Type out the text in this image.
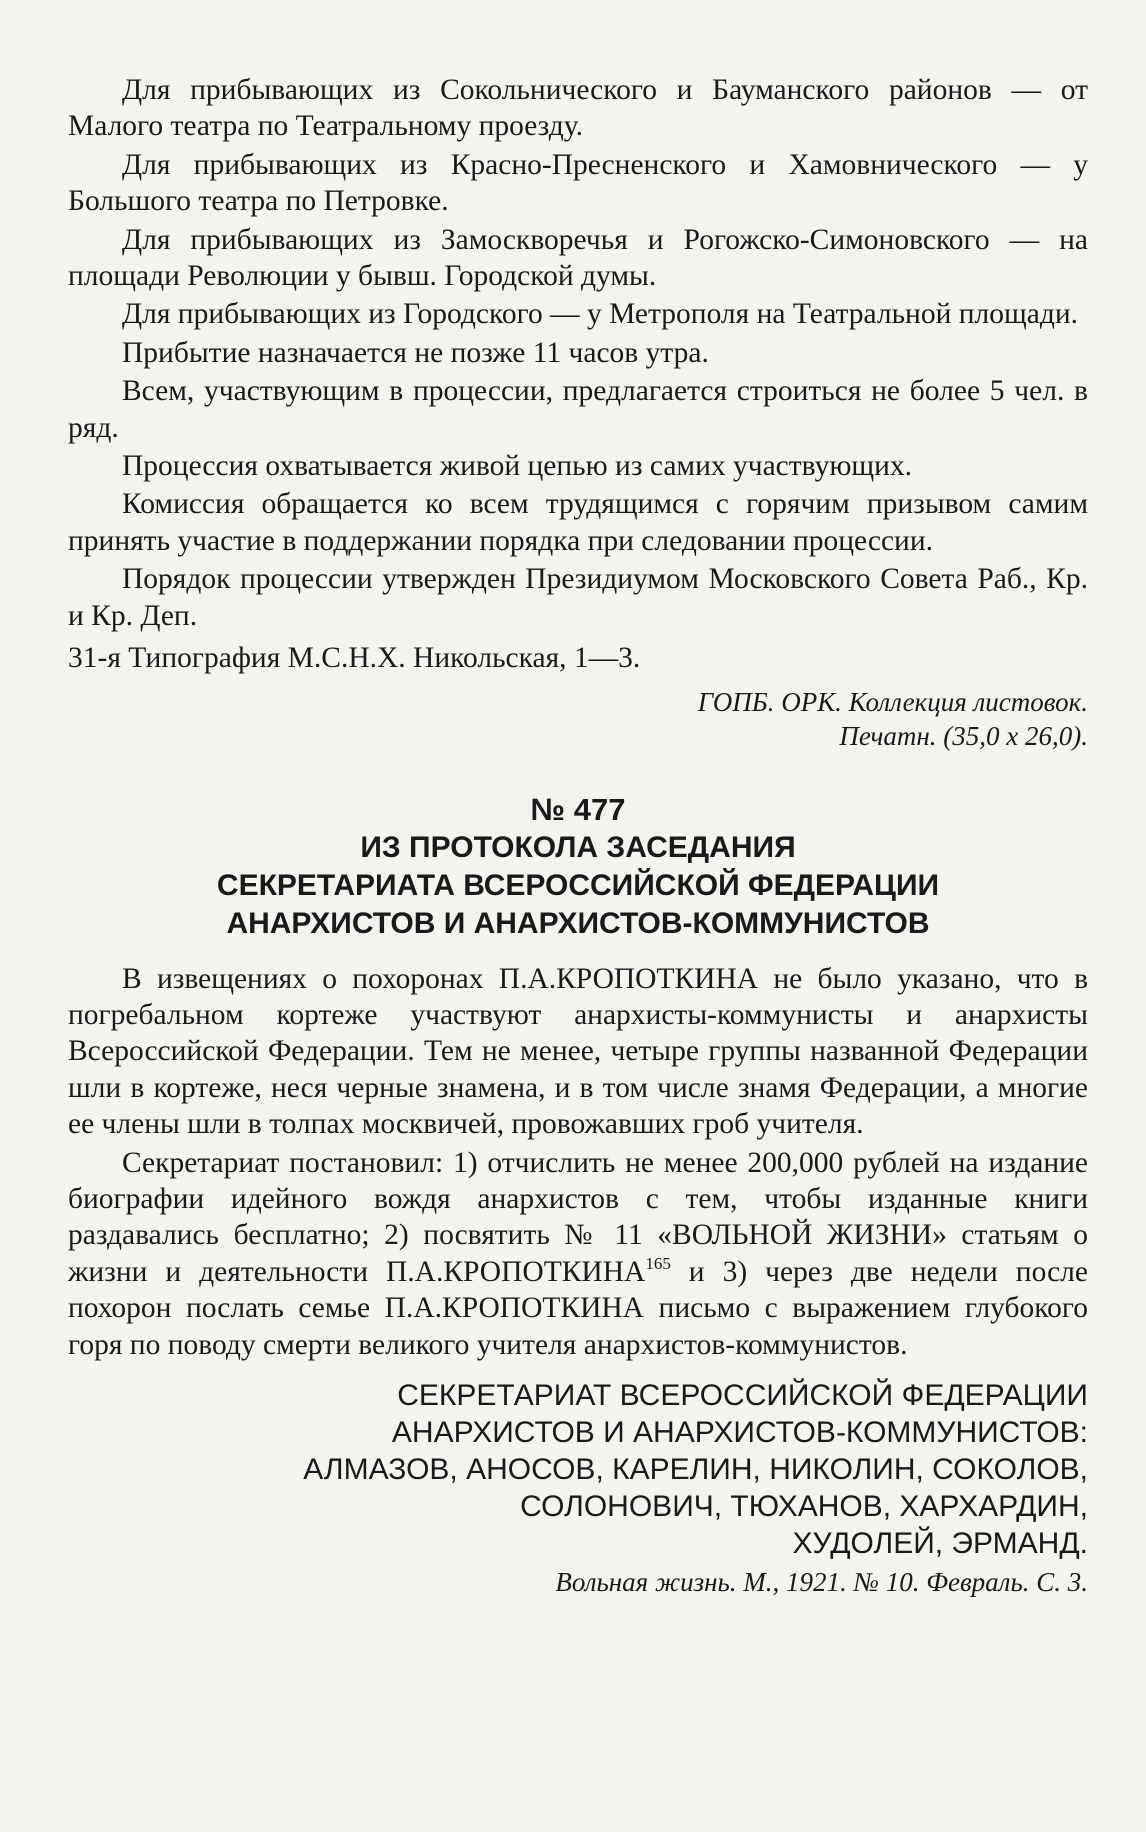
Для прибывающих из Сокольнического и Бауманского районов — от Малого театра по Театральному проезду.

Для прибывающих из Красно-Пресненского и Хамовнического — у Большого театра по Петровке.

Для прибывающих из Замоскворечья и Рогожско-Симоновского — на площади Революции у бывш. Городской думы.

Для прибывающих из Городского — у Метрополя на Театральной площади.

Прибытие назначается не позже 11 часов утра.

Всем, участвующим в процессии, предлагается строиться не более 5 чел. в ряд.

Процессия охватывается живой цепью из самих участвующих.

Комиссия обращается ко всем трудящимся с горячим призывом самим принять участие в поддержании порядка при следовании процессии.

Порядок процессии утвержден Президиумом Московского Совета Раб., Кр. и Кр. Деп.

31-я Типография М.С.Н.Х. Никольская, 1—3.

ГОПБ. ОРК. Коллекция листовок.

Печатн. (35,0 х 26,0).

№ 477

ИЗ ПРОТОКОЛА ЗАСЕДАНИЯ
СЕКРЕТАРИАТА ВСЕРОССИЙСКОЙ ФЕДЕРАЦИИ
АНАРХИСТОВ И АНАРХИСТОВ-КОММУНИСТОВ

В извещениях о похоронах П.А.КРОПОТКИНА не было указано, что в погребальном кортеже участвуют анархисты-коммунисты и анархисты Всероссийской Федерации. Тем не менее, четыре группы названной Федерации шли в кортеже, неся черные знамена, и в том числе знамя Федерации, а многие ее члены шли в толпах москвичей, провожавших гроб учителя.

Секретариат постановил: 1) отчислить не менее 200,000 рублей на издание биографии идейного вождя анархистов с тем, чтобы изданные книги раздавались бесплатно; 2) посвятить № 11 «ВОЛЬНОЙ ЖИЗНИ» статьям о жизни и деятельности П.А.КРОПОТКИНА$^{165}$ и 3) через две недели после похорон послать семье П.А.КРОПОТКИНА письмо с выражением глубокого горя по поводу смерти великого учителя анархистов-коммунистов.

СЕКРЕТАРИАТ ВСЕРОССИЙСКОЙ ФЕДЕРАЦИИ
АНАРХИСТОВ И АНАРХИСТОВ-КОММУНИСТОВ:
АЛМАЗОВ, АНОСОВ, КАРЕЛИН, НИКОЛИН, СОКОЛОВ,
СОЛОНОВИЧ, ТЮХАНОВ, ХАРХАРДИН,
ХУДОЛЕЙ, ЭРМАНД.

Вольная жизнь. М., 1921. № 10. Февраль. С. 3.
